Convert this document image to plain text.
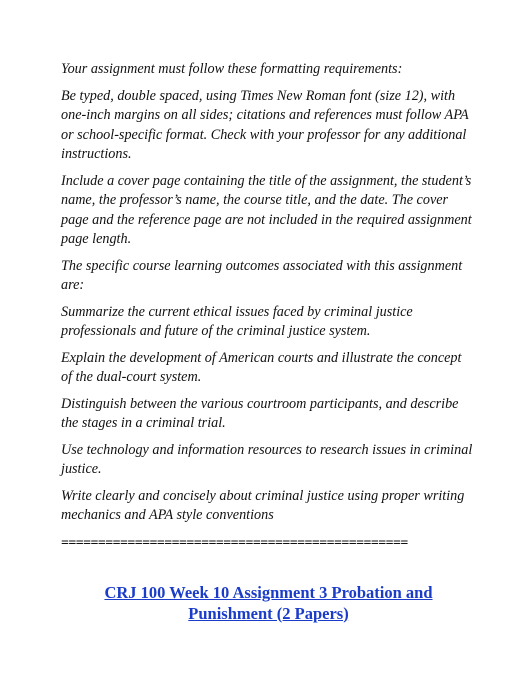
Your assignment must follow these formatting requirements:

Be typed, double spaced, using Times New Roman font (size 12), with one-inch margins on all sides; citations and references must follow APA or school-specific format. Check with your professor for any additional instructions.

Include a cover page containing the title of the assignment, the student’s name, the professor’s name, the course title, and the date. The cover page and the reference page are not included in the required assignment page length.

The specific course learning outcomes associated with this assignment are:

Summarize the current ethical issues faced by criminal justice professionals and future of the criminal justice system.

Explain the development of American courts and illustrate the concept of the dual-court system.

Distinguish between the various courtroom participants, and describe the stages in a criminal trial.

Use technology and information resources to research issues in criminal justice.

Write clearly and concisely about criminal justice using proper writing mechanics and APA style conventions

===============================================
CRJ 100 Week 10 Assignment 3 Probation and Punishment (2 Papers)
